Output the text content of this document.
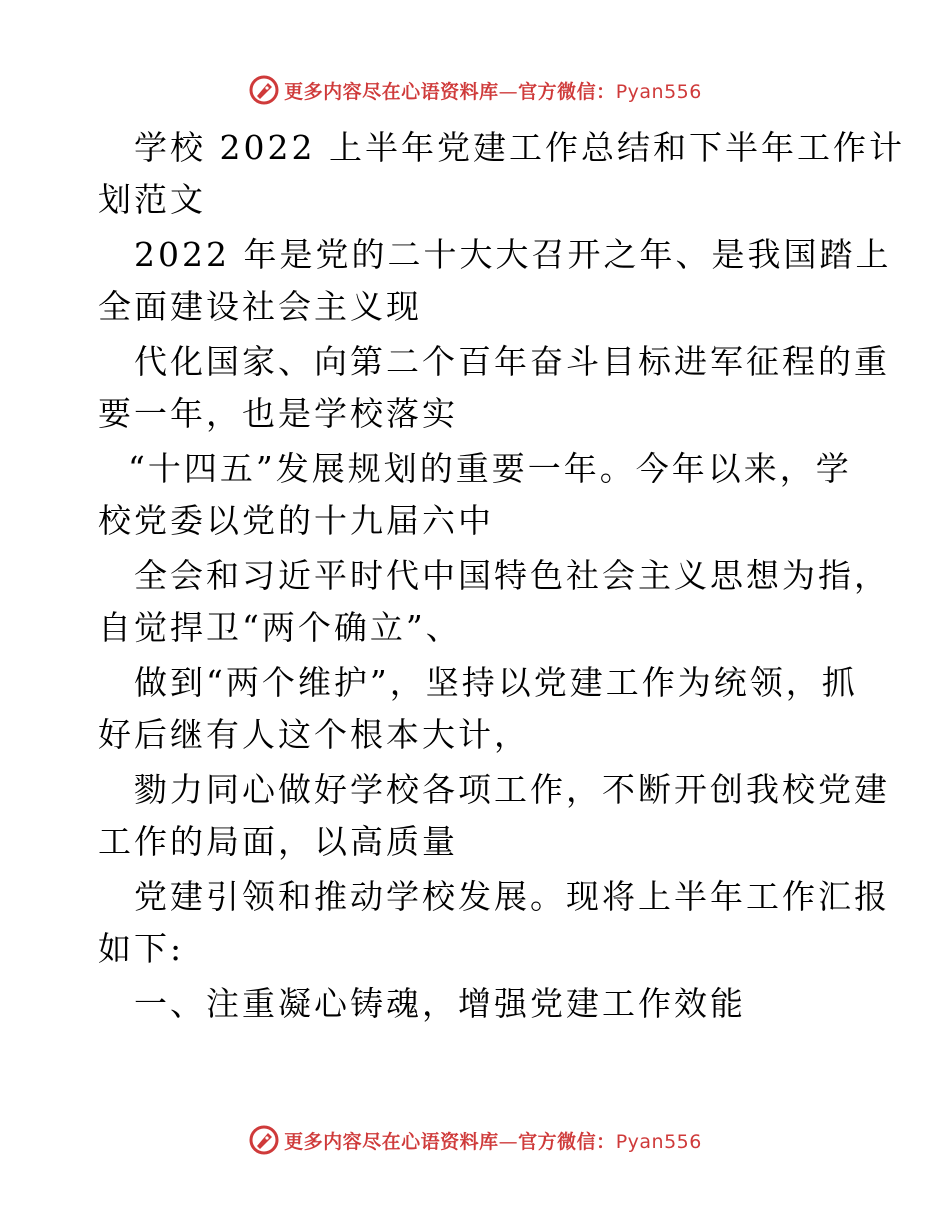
更多内容尽在心语资料库—官方微信：Pyan556
学校 2022 上半年党建工作总结和下半年工作计
划范文
2022 年是党的二十大大召开之年、是我国踏上
全面建设社会主义现
代化国家、向第二个百年奋斗目标进军征程的重
要一年，也是学校落实
“十四五”发展规划的重要一年。今年以来，学
校党委以党的十九届六中
全会和习近平时代中国特色社会主义思想为指，
自觉捍卫“两个确立”、
做到“两个维护”，坚持以党建工作为统领，抓
好后继有人这个根本大计，
勠力同心做好学校各项工作，不断开创我校党建
工作的局面，以高质量
党建引领和推动学校发展。现将上半年工作汇报
如下:
一、注重凝心铸魂，增强党建工作效能
更多内容尽在心语资料库—官方微信：Pyan556
